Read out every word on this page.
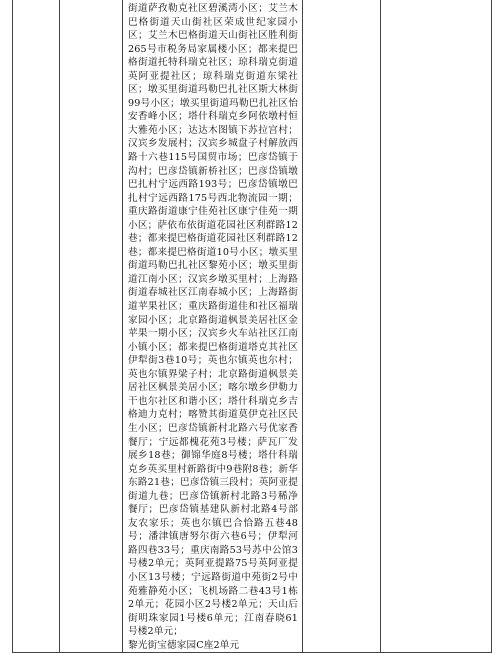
街道萨孜勒克社区碧溪湾小区；艾兰木巴格街道天山街社区荣成世纪家园小区；艾兰木巴格街道天山街社区胜利街265号市税务局家属楼小区；都来提巴格街道托特科瑞克社区；琼科瑞克街道英阿亚提社区；琼科瑞克街道东梁社区；墩买里街道玛勒巴扎社区斯大林街99号小区；墩买里街道玛勒巴扎社区怡安香峰小区；塔什科瑞克乡阿依墩村恒大雅苑小区；达达木图镇下苏拉宫村；汉宾乡发展村；汉宾乡城盘子村解放西路十六巷115号国贸市场；巴彦岱镇于沟村；巴彦岱镇新桥社区；巴彦岱镇墩巴扎村宁远西路193号；巴彦岱镇墩巴扎村宁远西路175号西北物流园一期；重庆路街道康宁佳苑社区康宁佳苑一期小区；萨依布依街道花园社区利群路12巷；都来提巴格街道花园社区利群路12巷；都来提巴格街道10号小区；墩买里街道玛勒巴扎社区黎苑小区；墩买里街道江南小区；汉宾乡墩买里村；上海路街道春城社区江南春城小区；上海路街道苹果社区；重庆路街道佳和社区福瑞家园小区；北京路街道枫景美居社区金苹果一期小区；汉宾乡火车站社区江南小镇小区；都来提巴格街道塔克其社区伊犁街3巷10号；英也尔镇英也尔村；英也尔镇界梁子村；北京路街道枫景美居社区枫景美居小区；喀尔墩乡伊勒力干也尔社区和谐小区；塔什科瑞克乡吉格迪力克村；喀赞其街道莫伊克社区民生小区；巴彦岱镇新村北路六号优家香餐厅；宁远都槐花苑3号楼；萨瓦厂发展乡18巷；御锦华庭8号楼；塔什科瑞克乡英买里村新路街中9巷附8巷；新华东路21巷；巴彦岱镇三段村；英阿亚提街道九巷；巴彦岱镇新村北路3号稀净餐厅；巴彦岱镇基建队新村北路4号部友农家乐；英也尔镇巴合恰路五巷48号；潘津镇唐努尔街六巷6号；伊犁河路四巷33号；重庆南路53号苏中公馆3号楼2单元；英阿亚提路75号英阿亚提小区13号楼；宁远路街道中苑街2号中苑雅静苑小区；飞机场路二巷43号1栋2单元；花园小区2号楼2单元；天山后街明珠家园1号楼6单元；江南春晓61号楼2单元；
黎光街宝德家园C座2单元
